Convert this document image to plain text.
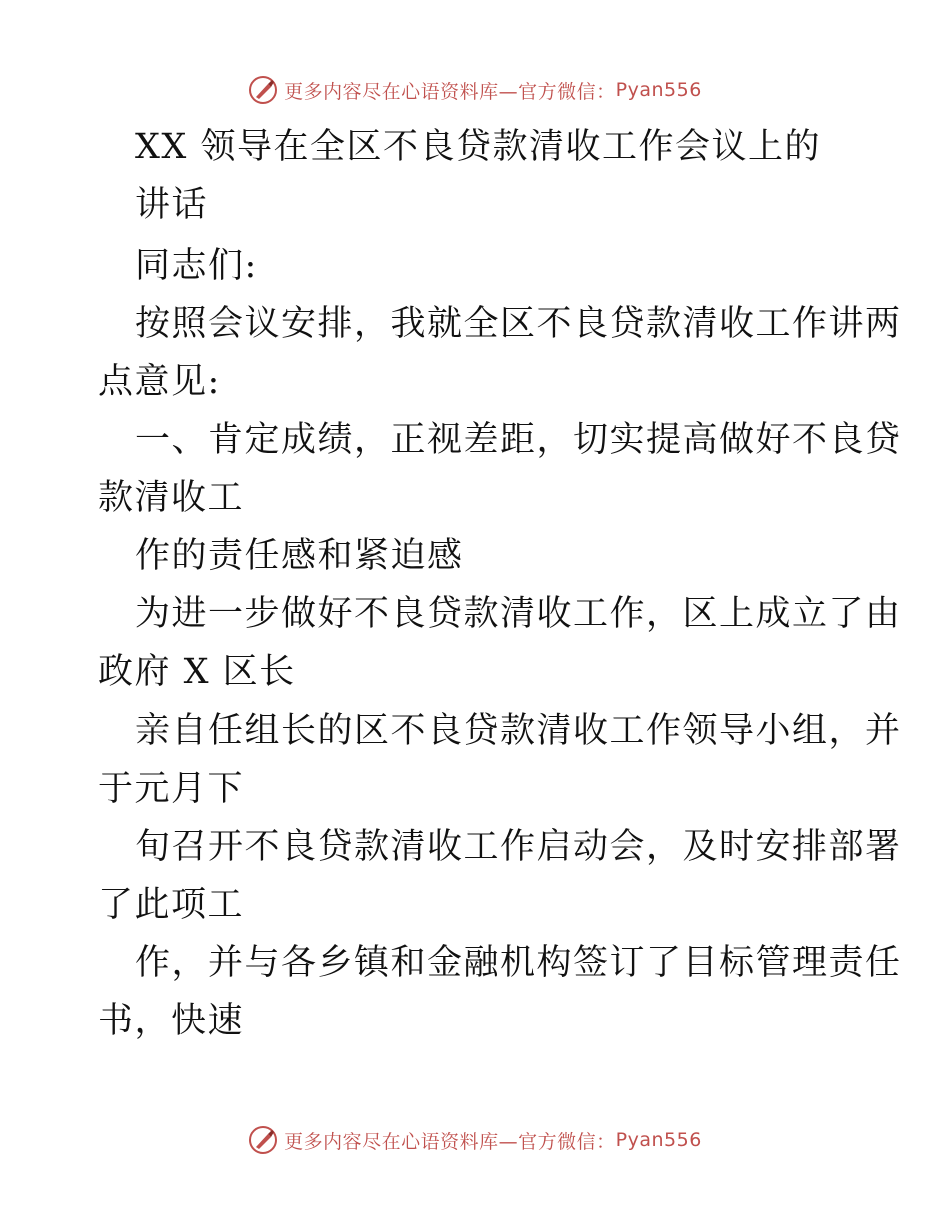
更多内容尽在心语资料库—官方微信： Pyan556
XX 领导在全区不良贷款清收工作会议上的
讲话
同志们:
按照会议安排，我就全区不良贷款清收工作讲两
点意见:
一、肯定成绩，正视差距，切实提高做好不良贷
款清收工
作的责任感和紧迫感
为进一步做好不良贷款清收工作，区上成立了由
政府 X 区长
亲自任组长的区不良贷款清收工作领导小组，并
于元月下
旬召开不良贷款清收工作启动会，及时安排部署
了此项工
作，并与各乡镇和金融机构签订了目标管理责任
书，快速
更多内容尽在心语资料库—官方微信： Pyan556
